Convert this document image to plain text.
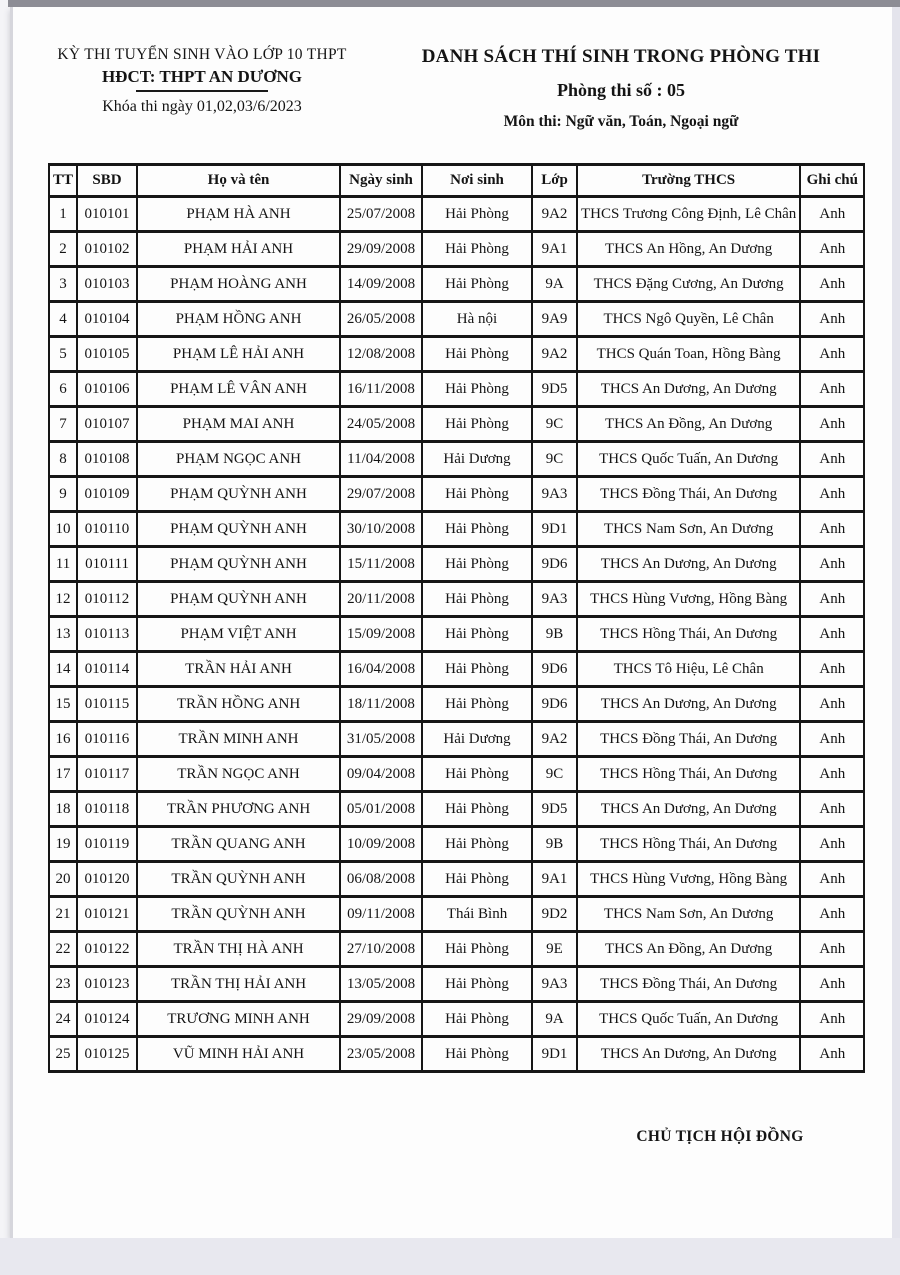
KỲ THI TUYỂN SINH VÀO LỚP 10 THPT
HĐCT: THPT AN DƯƠNG
Khóa thi ngày 01,02,03/6/2023
DANH SÁCH THÍ SINH TRONG PHÒNG THI
Phòng thi số : 05
Môn thi: Ngữ văn, Toán, Ngoại ngữ
TT	SBD	Họ và tên	Ngày sinh	Nơi sinh	Lớp	Trường THCS	Ghi chú
1	010101	PHẠM HÀ ANH	25/07/2008	Hải Phòng	9A2	THCS Trương Công Định, Lê Chân	Anh
2	010102	PHẠM HẢI ANH	29/09/2008	Hải Phòng	9A1	THCS An Hồng, An Dương	Anh
3	010103	PHẠM HOÀNG ANH	14/09/2008	Hải Phòng	9A	THCS Đặng Cương, An Dương	Anh
4	010104	PHẠM HỒNG ANH	26/05/2008	Hà nội	9A9	THCS Ngô Quyền, Lê Chân	Anh
5	010105	PHẠM LÊ HẢI ANH	12/08/2008	Hải Phòng	9A2	THCS Quán Toan, Hồng Bàng	Anh
6	010106	PHẠM LÊ VÂN ANH	16/11/2008	Hải Phòng	9D5	THCS An Dương, An Dương	Anh
7	010107	PHẠM MAI ANH	24/05/2008	Hải Phòng	9C	THCS An Đồng, An Dương	Anh
8	010108	PHẠM NGỌC ANH	11/04/2008	Hải Dương	9C	THCS Quốc Tuấn, An Dương	Anh
9	010109	PHẠM QUỲNH ANH	29/07/2008	Hải Phòng	9A3	THCS Đồng Thái, An Dương	Anh
10	010110	PHẠM QUỲNH ANH	30/10/2008	Hải Phòng	9D1	THCS Nam Sơn, An Dương	Anh
11	010111	PHẠM QUỲNH ANH	15/11/2008	Hải Phòng	9D6	THCS An Dương, An Dương	Anh
12	010112	PHẠM QUỲNH ANH	20/11/2008	Hải Phòng	9A3	THCS Hùng Vương, Hồng Bàng	Anh
13	010113	PHẠM VIỆT ANH	15/09/2008	Hải Phòng	9B	THCS Hồng Thái, An Dương	Anh
14	010114	TRẦN HẢI ANH	16/04/2008	Hải Phòng	9D6	THCS Tô Hiệu, Lê Chân	Anh
15	010115	TRẦN HỒNG ANH	18/11/2008	Hải Phòng	9D6	THCS An Dương, An Dương	Anh
16	010116	TRẦN MINH ANH	31/05/2008	Hải Dương	9A2	THCS Đồng Thái, An Dương	Anh
17	010117	TRẦN NGỌC ANH	09/04/2008	Hải Phòng	9C	THCS Hồng Thái, An Dương	Anh
18	010118	TRẦN PHƯƠNG ANH	05/01/2008	Hải Phòng	9D5	THCS An Dương, An Dương	Anh
19	010119	TRẦN QUANG ANH	10/09/2008	Hải Phòng	9B	THCS Hồng Thái, An Dương	Anh
20	010120	TRẦN QUỲNH ANH	06/08/2008	Hải Phòng	9A1	THCS Hùng Vương, Hồng Bàng	Anh
21	010121	TRẦN QUỲNH ANH	09/11/2008	Thái Bình	9D2	THCS Nam Sơn, An Dương	Anh
22	010122	TRẦN THỊ HÀ ANH	27/10/2008	Hải Phòng	9E	THCS An Đồng, An Dương	Anh
23	010123	TRẦN THỊ HẢI ANH	13/05/2008	Hải Phòng	9A3	THCS Đồng Thái, An Dương	Anh
24	010124	TRƯƠNG MINH ANH	29/09/2008	Hải Phòng	9A	THCS Quốc Tuấn, An Dương	Anh
25	010125	VŨ MINH HẢI ANH	23/05/2008	Hải Phòng	9D1	THCS An Dương, An Dương	Anh
CHỦ TỊCH HỘI ĐỒNG
